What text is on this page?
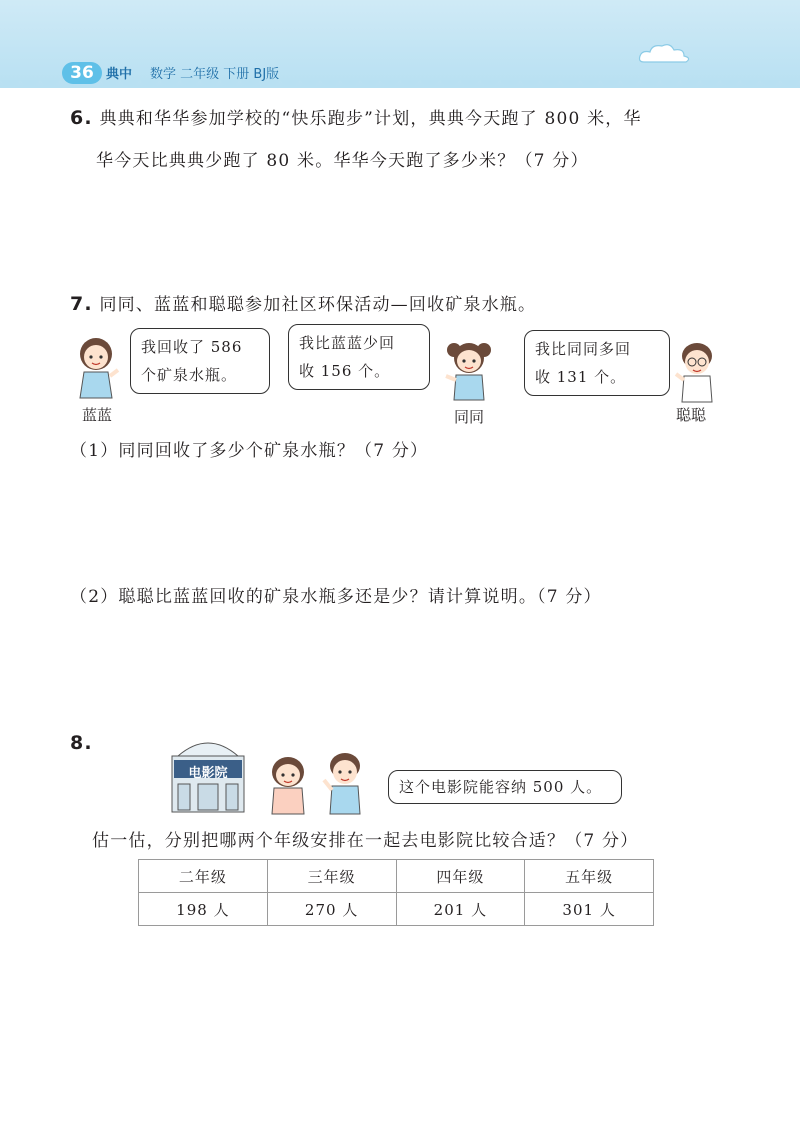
36 典中 数学 二年级 下册 BJ版
6. 典典和华华参加学校的“快乐跑步”计划，典典今天跑了 800 米，华
华今天比典典少跑了 80 米。华华今天跑了多少米？（7 分）
7. 同同、蓝蓝和聪聪参加社区环保活动—回收矿泉水瓶。
蓝蓝
我回收了 586
个矿泉水瓶。
我比蓝蓝少回
收 156 个。
同同
我比同同多回
收 131 个。
聪聪
（1）同同回收了多少个矿泉水瓶？（7 分）
（2）聪聪比蓝蓝回收的矿泉水瓶多还是少？请计算说明。（7 分）
8.
电影院
这个电影院能容纳 500 人。
估一估，分别把哪两个年级安排在一起去电影院比较合适？（7 分）
二年级	三年级	四年级	五年级
198 人	270 人	201 人	301 人
